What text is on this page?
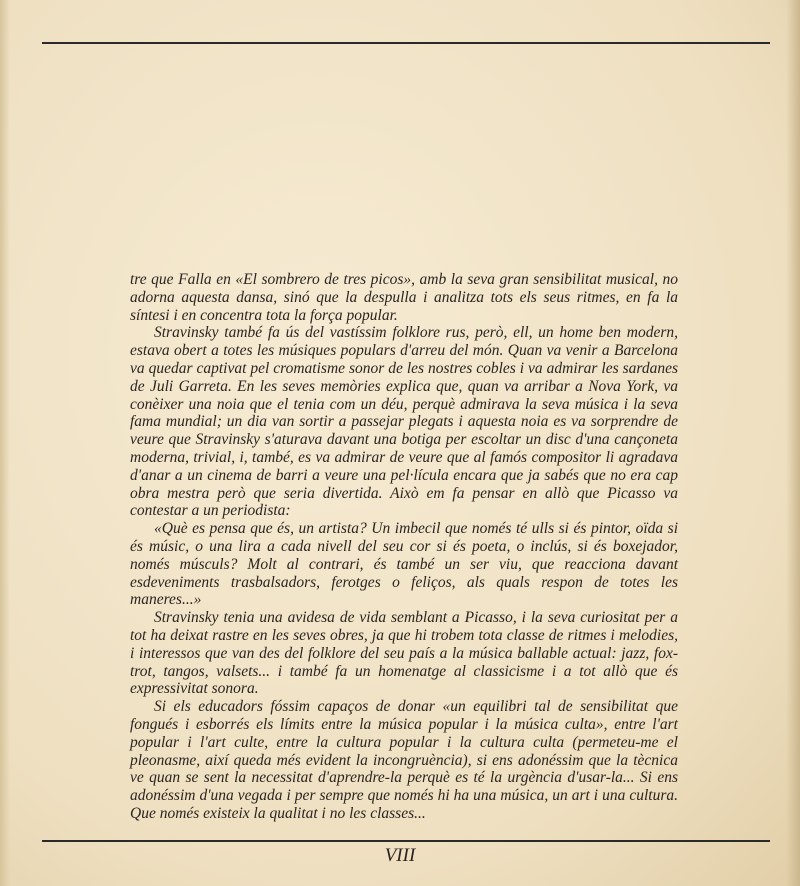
tre que Falla en «El sombrero de tres picos», amb la seva gran sensibilitat musical, no adorna aquesta dansa, sinó que la despulla i analitza tots els seus ritmes, en fa la síntesi i en concentra tota la força popular.

Stravinsky també fa ús del vastíssim folklore rus, però, ell, un home ben modern, estava obert a totes les músiques populars d'arreu del món. Quan va venir a Barcelona va quedar captivat pel cromatisme sonor de les nostres cobles i va admirar les sardanes de Juli Garreta. En les seves memòries explica que, quan va arribar a Nova York, va conèixer una noia que el tenia com un déu, perquè admirava la seva música i la seva fama mundial; un dia van sortir a passejar plegats i aquesta noia es va sorprendre de veure que Stravinsky s'aturava davant una botiga per escoltar un disc d'una cançoneta moderna, trivial, i, també, es va admirar de veure que al famós compositor li agradava d'anar a un cinema de barri a veure una pel·lícula encara que ja sabés que no era cap obra mestra però que seria divertida. Això em fa pensar en allò que Picasso va contestar a un periodista:

«Què es pensa que és, un artista? Un imbecil que només té ulls si és pintor, oïda si és músic, o una lira a cada nivell del seu cor si és poeta, o inclús, si és boxejador, només músculs? Molt al contrari, és també un ser viu, que reacciona davant esdeveniments trasbalsadors, ferotges o feliços, als quals respon de totes les maneres...»

Stravinsky tenia una avidesa de vida semblant a Picasso, i la seva curiositat per a tot ha deixat rastre en les seves obres, ja que hi trobem tota classe de ritmes i melodies, i interessos que van des del folklore del seu país a la música ballable actual: jazz, fox-trot, tangos, valsets... i també fa un homenatge al classicisme i a tot allò que és expressivitat sonora.

Si els educadors fóssim capaços de donar «un equilibri tal de sensibilitat que fongués i esborrés els límits entre la música popular i la música culta», entre l'art popular i l'art culte, entre la cultura popular i la cultura culta (permeteu-me el pleonasme, així queda més evident la incongruència), si ens adonéssim que la tècnica ve quan se sent la necessitat d'aprendre-la perquè es té la urgència d'usar-la... Si ens adonéssim d'una vegada i per sempre que només hi ha una música, un art i una cultura. Que només existeix la qualitat i no les classes...

VIII
